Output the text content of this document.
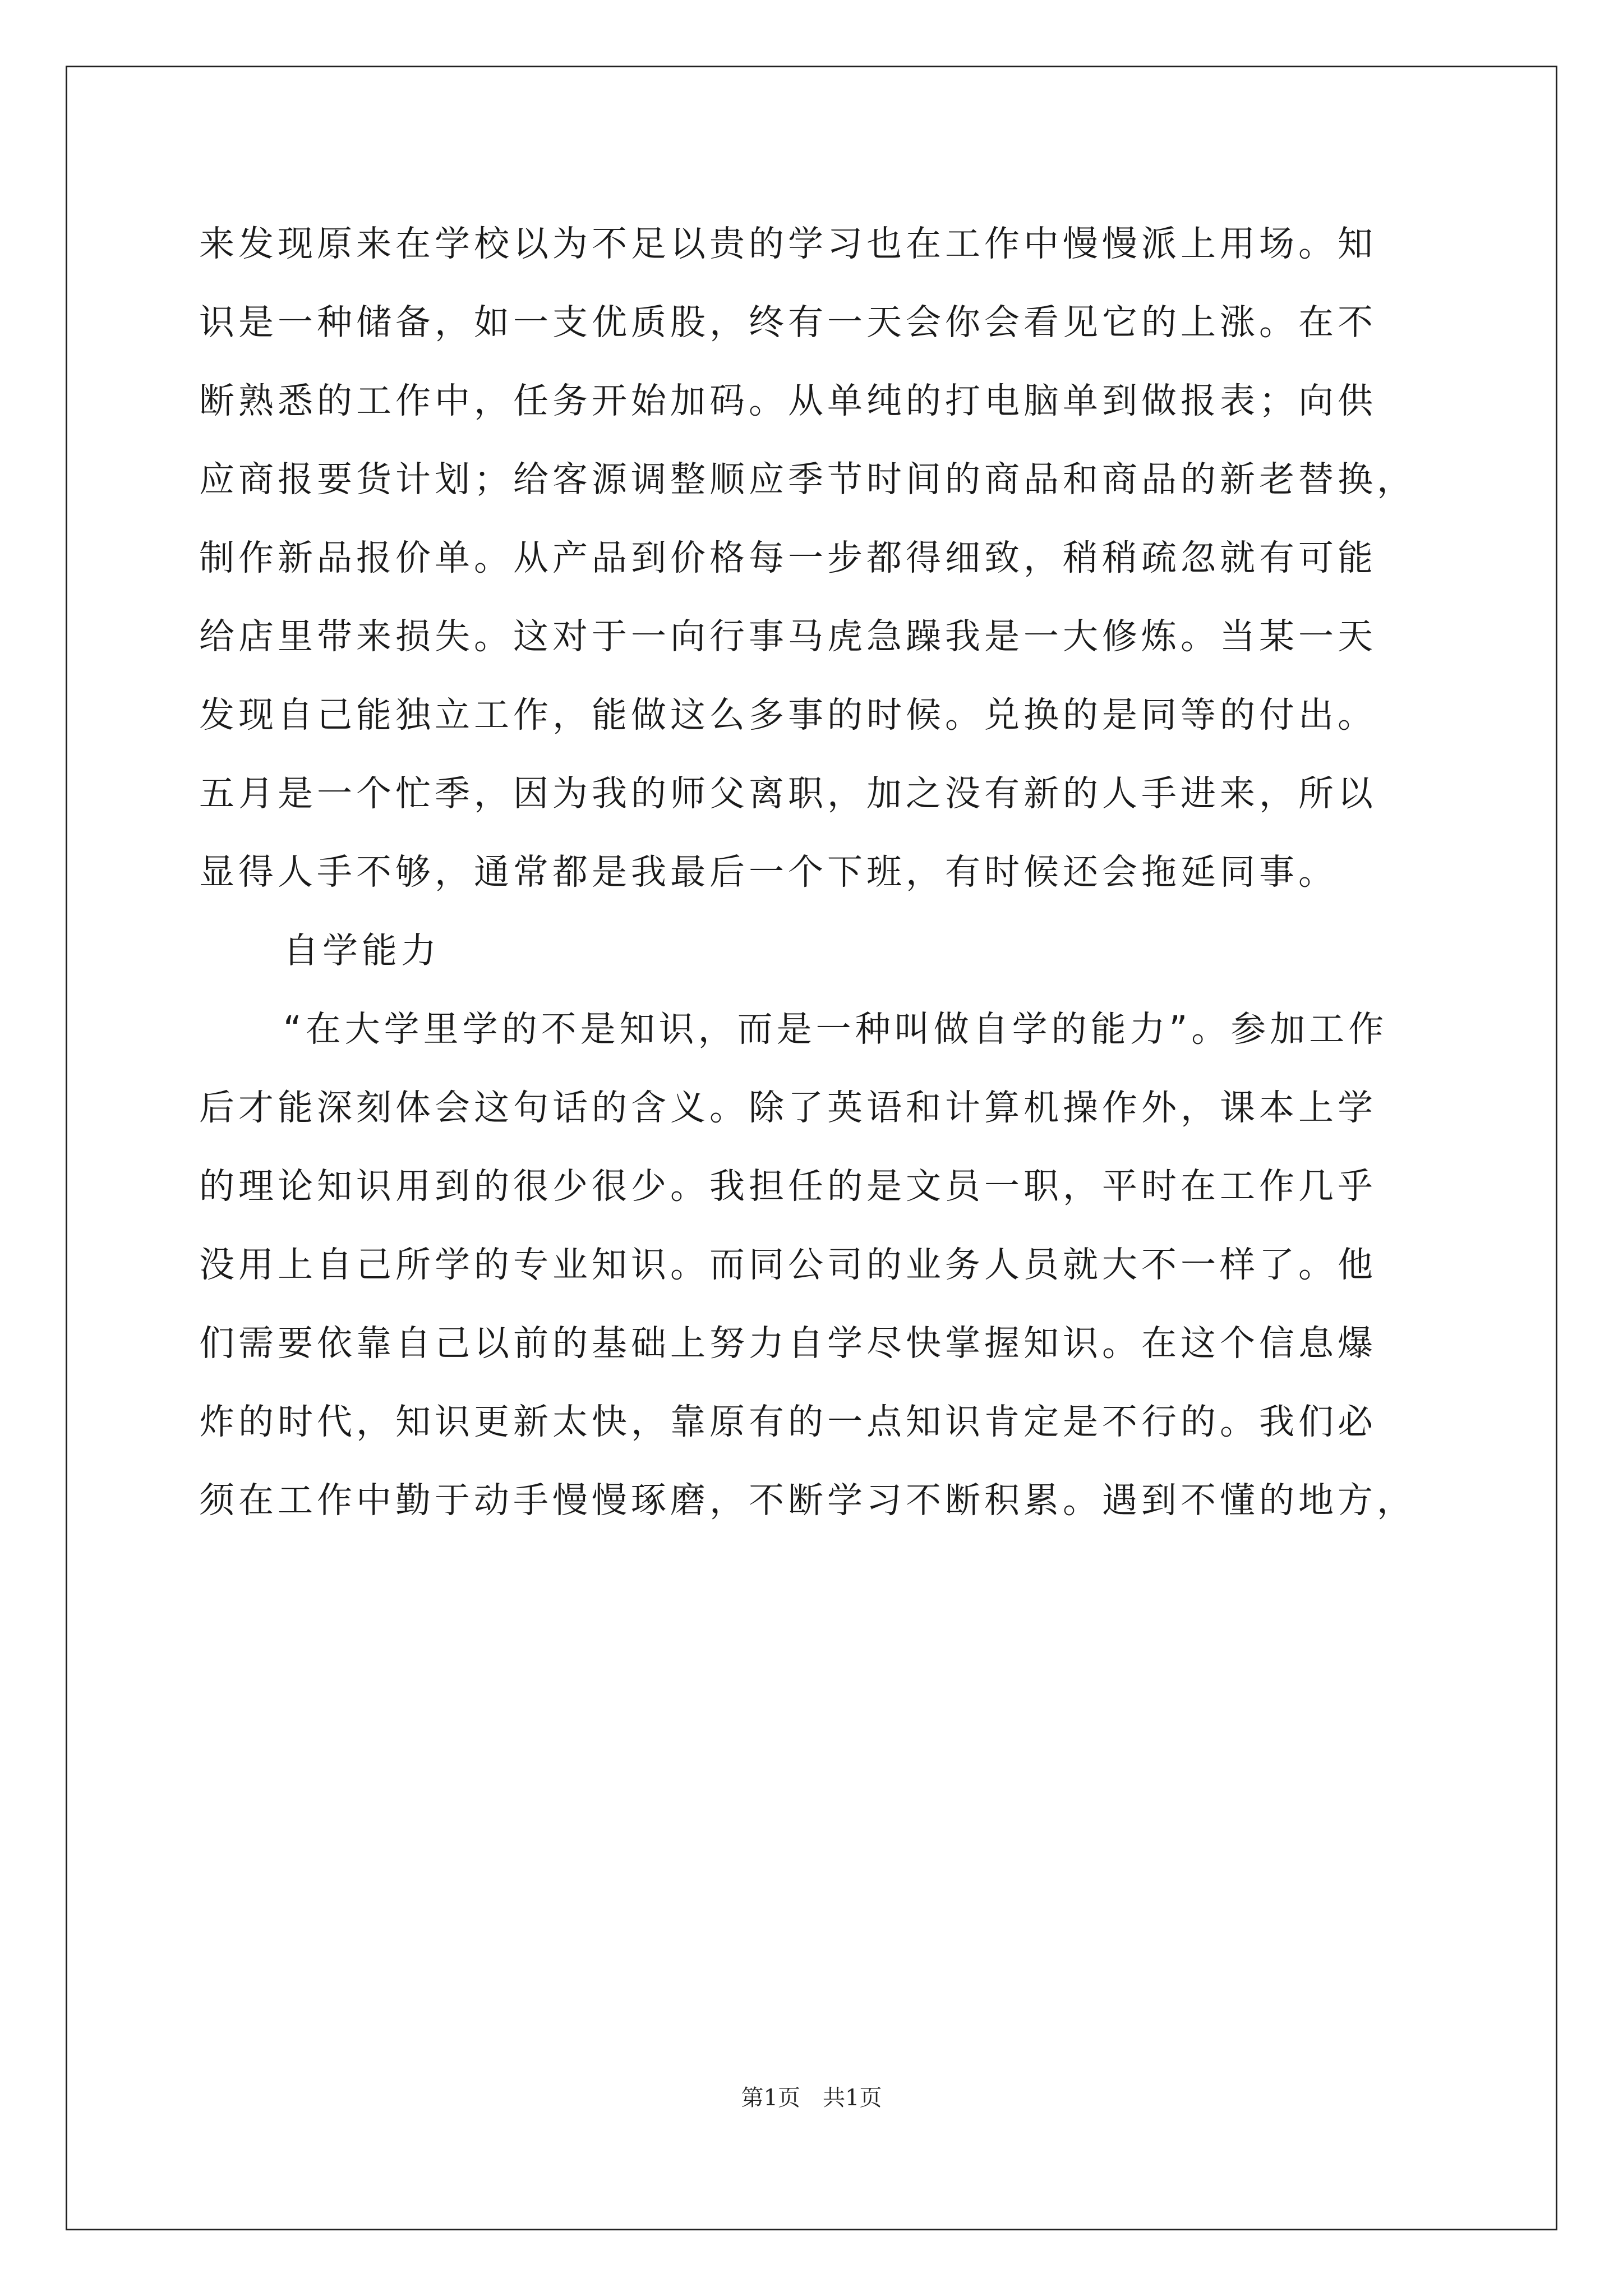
来发现原来在学校以为不足以贵的学习也在工作中慢慢派上用场。知

识是一种储备，如一支优质股，终有一天会你会看见它的上涨。在不

断熟悉的工作中，任务开始加码。从单纯的打电脑单到做报表；向供

应商报要货计划；给客源调整顺应季节时间的商品和商品的新老替换，

制作新品报价单。从产品到价格每一步都得细致，稍稍疏忽就有可能

给店里带来损失。这对于一向行事马虎急躁我是一大修炼。当某一天

发现自己能独立工作，能做这么多事的时候。兑换的是同等的付出。

五月是一个忙季，因为我的师父离职，加之没有新的人手进来，所以

显得人手不够，通常都是我最后一个下班，有时候还会拖延同事。

自学能力

“在大学里学的不是知识，而是一种叫做自学的能力”。参加工作

后才能深刻体会这句话的含义。除了英语和计算机操作外，课本上学

的理论知识用到的很少很少。我担任的是文员一职，平时在工作几乎

没用上自己所学的专业知识。而同公司的业务人员就大不一样了。他

们需要依靠自己以前的基础上努力自学尽快掌握知识。在这个信息爆

炸的时代，知识更新太快，靠原有的一点知识肯定是不行的。我们必

须在工作中勤于动手慢慢琢磨，不断学习不断积累。遇到不懂的地方，

第1页　共1页
